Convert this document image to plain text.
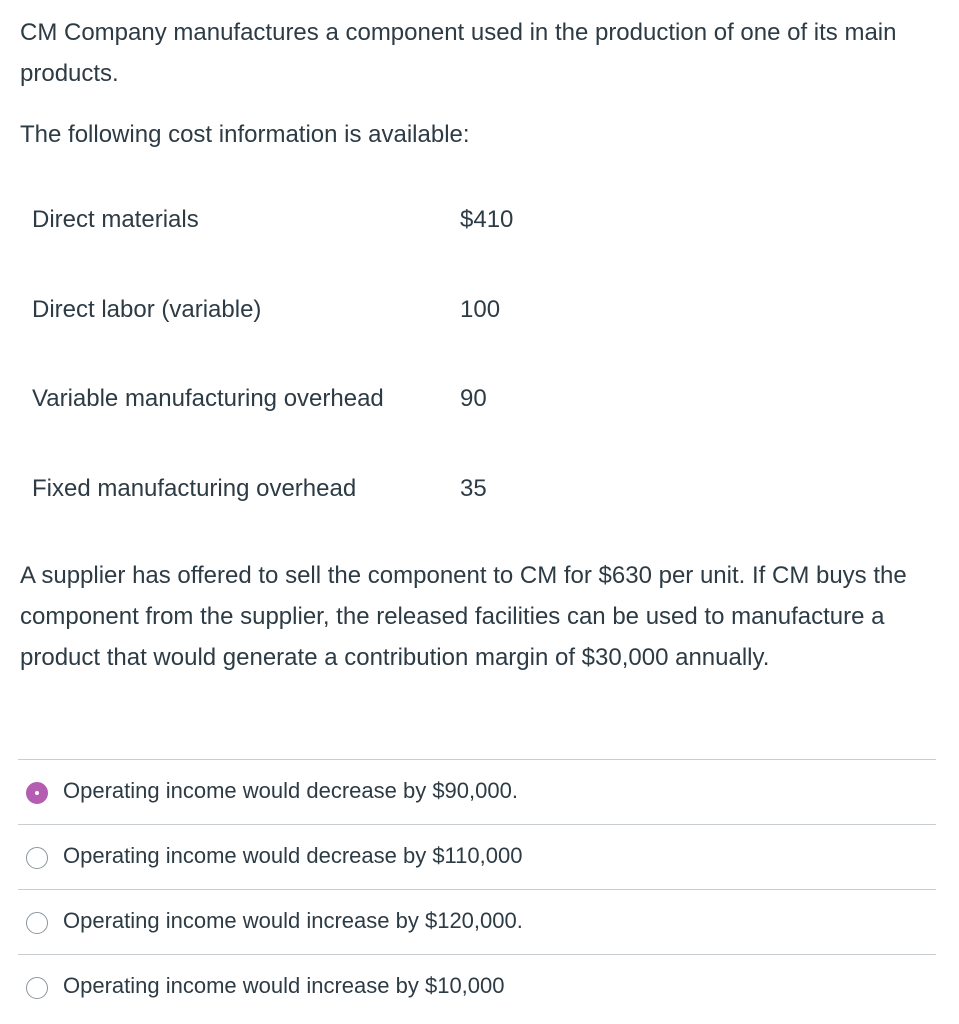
CM Company manufactures a component used in the production of one of its main products.

The following cost information is available:

Direct materials	$410
Direct labor (variable)	100
Variable manufacturing overhead	90
Fixed manufacturing overhead	35

A supplier has offered to sell the component to CM for $630 per unit. If CM buys the component from the supplier, the released facilities can be used to manufacture a product that would generate a contribution margin of $30,000 annually.

Operating income would decrease by $90,000.
Operating income would decrease by $110,000
Operating income would increase by $120,000.
Operating income would increase by $10,000
